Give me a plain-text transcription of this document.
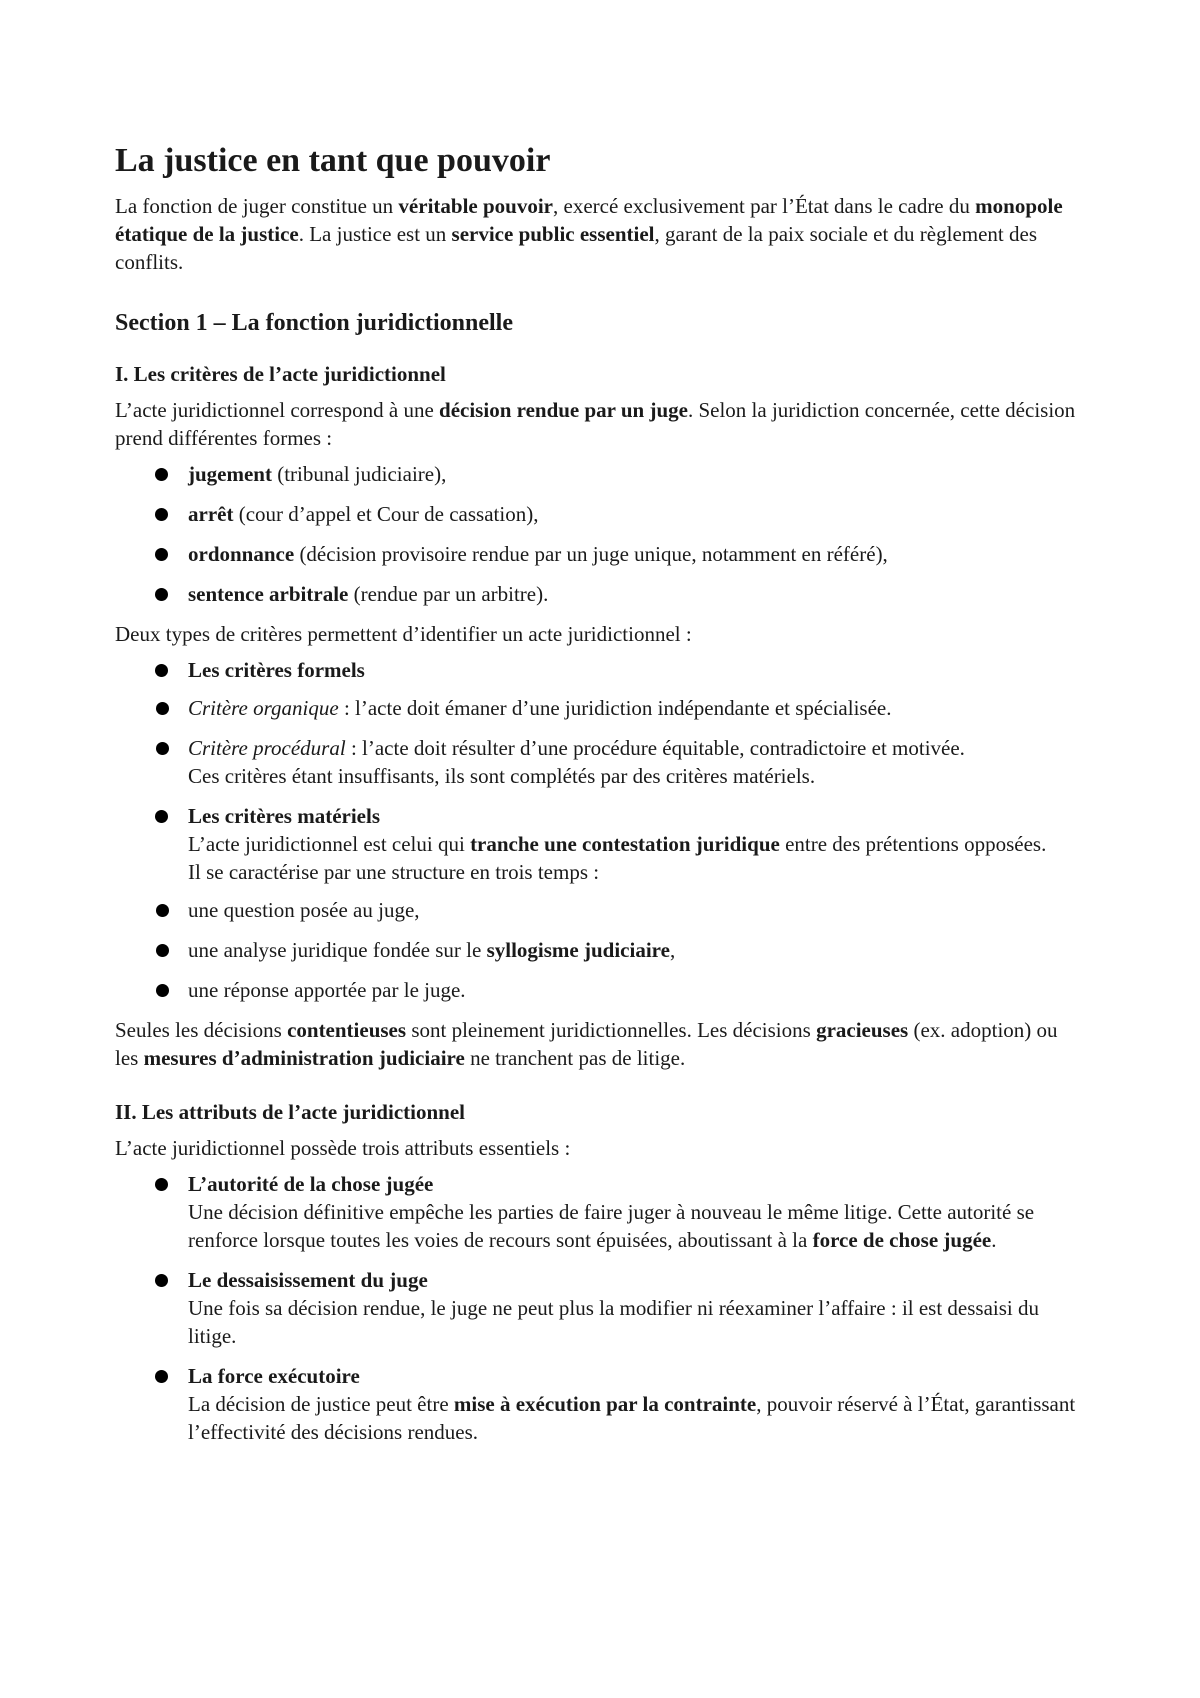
La justice en tant que pouvoir

La fonction de juger constitue un véritable pouvoir, exercé exclusivement par l’État dans le cadre du monopole étatique de la justice. La justice est un service public essentiel, garant de la paix sociale et du règlement des conflits.

Section 1 – La fonction juridictionnelle
I. Les critères de l’acte juridictionnel

L’acte juridictionnel correspond à une décision rendue par un juge. Selon la juridiction concernée, cette décision prend différentes formes :

jugement (tribunal judiciaire),
arrêt (cour d’appel et Cour de cassation),
ordonnance (décision provisoire rendue par un juge unique, notamment en référé),
sentence arbitrale (rendue par un arbitre).

Deux types de critères permettent d’identifier un acte juridictionnel :

Les critères formels
Critère organique : l’acte doit émaner d’une juridiction indépendante et spécialisée.
Critère procédural : l’acte doit résulter d’une procédure équitable, contradictoire et motivée.
Ces critères étant insuffisants, ils sont complétés par des critères matériels.
Les critères matériels
L’acte juridictionnel est celui qui tranche une contestation juridique entre des prétentions opposées.
Il se caractérise par une structure en trois temps :
une question posée au juge,
une analyse juridique fondée sur le syllogisme judiciaire,
une réponse apportée par le juge.

Seules les décisions contentieuses sont pleinement juridictionnelles. Les décisions gracieuses (ex. adoption) ou les mesures d’administration judiciaire ne tranchent pas de litige.

II. Les attributs de l’acte juridictionnel

L’acte juridictionnel possède trois attributs essentiels :

L’autorité de la chose jugée
Une décision définitive empêche les parties de faire juger à nouveau le même litige. Cette autorité se renforce lorsque toutes les voies de recours sont épuisées, aboutissant à la force de chose jugée.
Le dessaisissement du juge
Une fois sa décision rendue, le juge ne peut plus la modifier ni réexaminer l’affaire : il est dessaisi du litige.
La force exécutoire
La décision de justice peut être mise à exécution par la contrainte, pouvoir réservé à l’État, garantissant l’effectivité des décisions rendues.
